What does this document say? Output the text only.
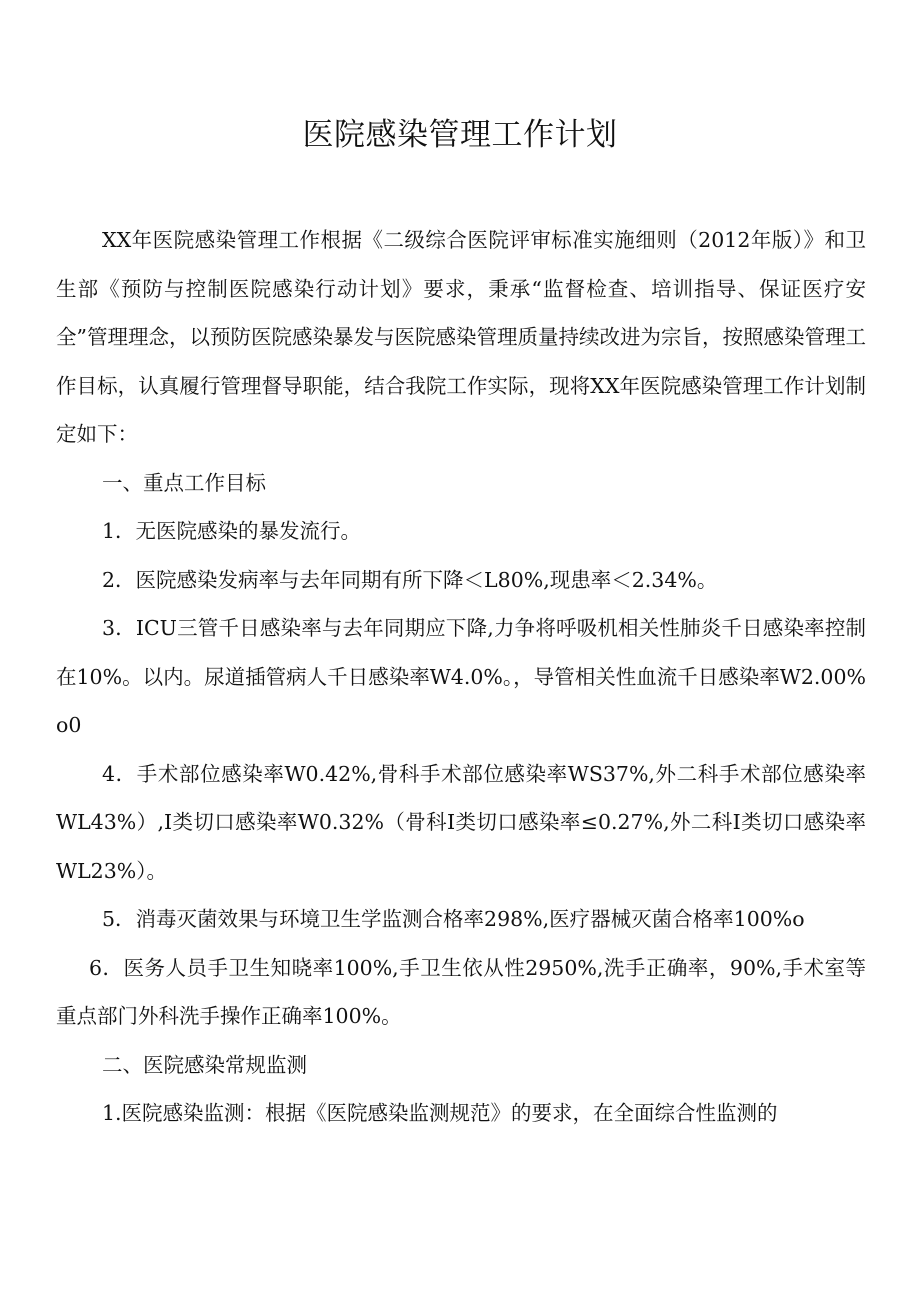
医院感染管理工作计划

XX年医院感染管理工作根据《二级综合医院评审标准实施细则（2012年版）》和卫生部《预防与控制医院感染行动计划》要求，秉承“监督检查、培训指导、保证医疗安全”管理理念，以预防医院感染暴发与医院感染管理质量持续改进为宗旨，按照感染管理工作目标，认真履行管理督导职能，结合我院工作实际，现将XX年医院感染管理工作计划制定如下：

一、重点工作目标

1．无医院感染的暴发流行。

2．医院感染发病率与去年同期有所下降＜L80%,现患率＜2.34%。

3．ICU三管千日感染率与去年同期应下降,力争将呼吸机相关性肺炎千日感染率控制在10%。以内。尿道插管病人千日感染率W4.0%。，导管相关性血流千日感染率W2.00%o0

4．手术部位感染率W0.42%,骨科手术部位感染率WS37%,外二科手术部位感染率WL43%）,I类切口感染率W0.32%（骨科I类切口感染率≤0.27%,外二科I类切口感染率WL23%）。

5．消毒灭菌效果与环境卫生学监测合格率298%,医疗器械灭菌合格率100%o

6．医务人员手卫生知晓率100%,手卫生依从性2950%,洗手正确率，90%,手术室等重点部门外科洗手操作正确率100%。

二、医院感染常规监测

1.医院感染监测：根据《医院感染监测规范》的要求，在全面综合性监测的
